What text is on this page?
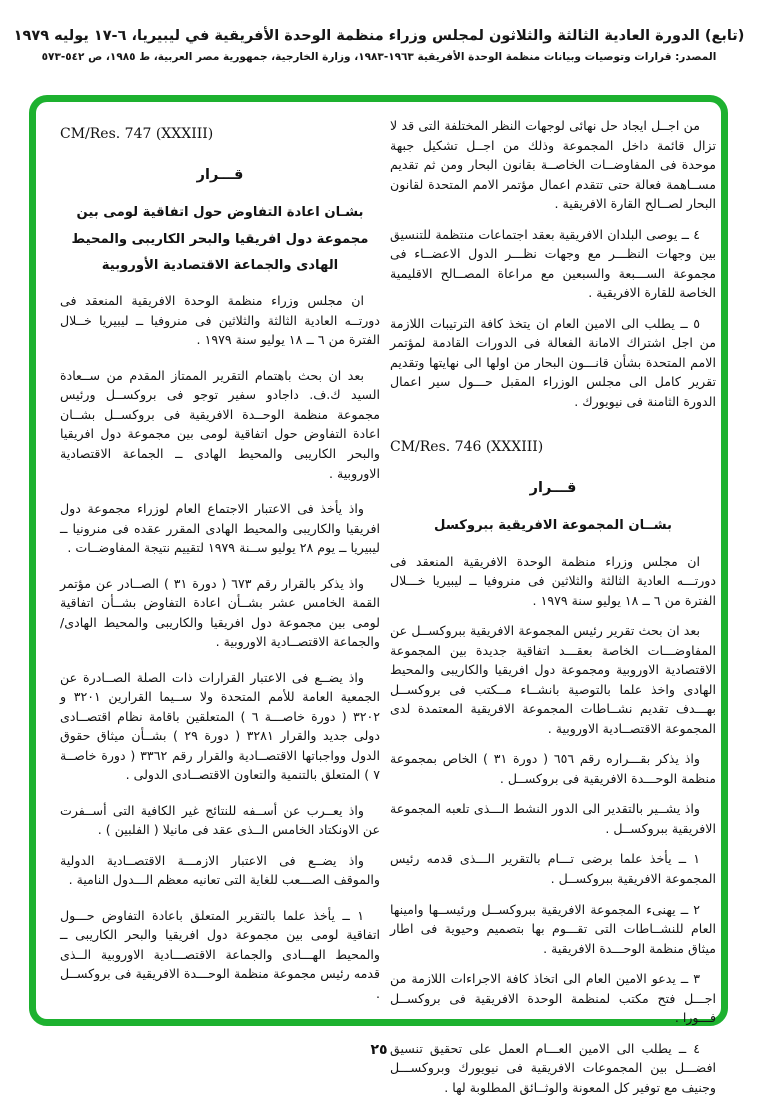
(تابع) الدورة العادية الثالثة والثلاثون لمجلس وزراء منظمة الوحدة الأفريقية في ليبيريا، ٦-١٧ يوليه ١٩٧٩
المصدر: قرارات وتوصيات وبيانات منظمة الوحدة الأفريقية ١٩٦٣-١٩٨٣، وزارة الخارجية، جمهورية مصر العربية، ط ١٩٨٥، ص ٥٤٢-٥٧٣
CM/Res. 747 (XXXIII)
قـــرار
بشـان اعادة التفاوض حول اتفاقية لومى بين
مجموعة دول افريقيا والبحر الكاريبى والمحيط
الهادى والجماعة الاقتصادية الأوروبية

ان مجلس وزراء منظمة الوحدة الافريقية المنعقد فى دورتــه العادية الثالثة والثلاثين فى منروفيا ــ ليبيريا خــلال الفترة من ٦ ــ ١٨ يوليو سنة ١٩٧٩ .

بعد ان بحث باهتمام التقرير الممتاز المقدم من ســعادة السيد ك.ف. داجادو سفير توجو فى بروكســل ورئيس مجموعة منظمة الوحــدة الافريقية فى بروكســل بشــان اعادة التفاوض حول اتفاقية لومى بين مجموعة دول افريقيا والبحر الكاريبى والمحيط الهادى ــ الجماعة الاقتصادية الاوروبية .

واذ يأخذ فى الاعتبار الاجتماع العام لوزراء مجموعة دول افريقيا والكاريبى والمحيط الهادى المقرر عقده فى منرونيا ــ ليبيريا ــ يوم ٢٨ يوليو ســنة ١٩٧٩ لتقييم نتيجة المفاوضــات .

واذ يذكر بالقرار رقم ٦٧٣ ( دورة ٣١ ) الصــادر عن مؤتمر القمة الخامس عشر بشــأن اعادة التفاوض بشــأن اتفاقية لومى بين مجموعة دول افريقيا والكاريبى والمحيط الهادى/والجماعة الاقتصــادية الاوروبية .

واذ يضــع فى الاعتبار القرارات ذات الصلة الصــادرة عن الجمعية العامة للأمم المتحدة ولا ســيما القرارين ٣٢٠١ و ٣٢٠٢ ( دورة خاصـــة ٦ ) المتعلقين باقامة نظام اقتصــادى دولى جديد والقرار ٣٢٨١ ( دورة ٢٩ ) بشــأن ميثاق حقوق الدول وواجباتها الاقتصــادية والقرار رقم ٣٣٦٢ ( دورة خاصــة ٧ ) المتعلق بالتنمية والتعاون الاقتصــادى الدولى .

واذ يعــرب عن أســفه للنتائج غير الكافية التى أســفرت عن الاونكتاد الخامس الــذى عقد فى مانيلا ( الفلبين ) .

واذ يضــع فى الاعتبار الازمـــة الاقتصــادية الدولية والموقف الصـــعب للغاية التى تعانيه معظم الـــدول النامية .

١ ــ يأخذ علما بالتقرير المتعلق باعادة التفاوض حـــول اتفاقية لومى بين مجموعة دول افريقيا والبحر الكاريبى ــ والمحيط الهـــادى والجماعة الاقتصـــادية الاوروبية الــذى قدمه رئيس مجموعة منظمة الوحـــدة الافريقية فى بروكســل .

من اجــل ايجاد حل نهائى لوجهات النظر المختلفة التى قد لا تزال قائمة داخل المجموعة وذلك من اجــل تشكيل جبهة موحدة فى المفاوضــات الخاصــة بقانون البحار ومن ثم تقديم مســاهمة فعالة حتى تتقدم اعمال مؤتمر الامم المتحدة لقانون البحار لصــالح القارة الافريقية .

٤ ــ يوصى البلدان الافريقية بعقد اجتماعات منتظمة للتنسيق بين وجهات النظـــر مع وجهات نظـــر الدول الاعضــاء فى مجموعة الســـبعة والسبعين مع مراعاة المصــالح الاقليمية الخاصة للقارة الافريقية .

٥ ــ يطلب الى الامين العام ان يتخذ كافة الترتيبات اللازمة من اجل اشتراك الامانة الفعالة فى الدورات القادمة لمؤتمر الامم المتحدة بشأن قانـــون البحار من اولها الى نهايتها وتقديم تقرير كامل الى مجلس الوزراء المقبل حـــول سير اعمال الدورة الثامنة فى نيويورك .

CM/Res. 746 (XXXIII)
قـــرار
بشــان المجموعة الافريقية ببروكسل

ان مجلس وزراء منظمة الوحدة الافريقية المنعقد فى دورتـــه العادية الثالثة والثلاثين فى منروفيا ــ ليبيريا خـــلال الفترة من ٦ ــ ١٨ يوليو سنة ١٩٧٩ .

بعد ان بحث تقرير رئيس المجموعة الافريقية ببروكســل عن المفاوضـــات الخاصة بعقـــد اتفاقية جديدة بين المجموعة الاقتصادية الاوروبية ومجموعة دول افريقيا والكاريبى والمحيط الهادى واخذ علما بالتوصية بانشــاء مــكتب فى بروكســل بهـــدف تقديم نشــاطات المجموعة الافريقية المعتمدة لدى المجموعة الاقتصــادية الاوروبية .

واذ يذكر بقـــراره رقم ٦٥٦ ( دورة ٣١ ) الخاص بمجموعة منظمة الوحـــدة الافريقية فى بروكســل .

واذ يشــير بالتقدير الى الدور النشط الـــذى تلعبه المجموعة الافريقية ببروكســل .

١ ــ يأخذ علما برضى تـــام بالتقرير الـــذى قدمه رئيس المجموعة الافريقية ببروكســل .

٢ ــ يهنىء المجموعة الافريقية ببروكســل ورئيســها وامينها العام للنشــاطات التى تقـــوم بها بتصميم وحيوية فى اطار ميثاق منظمة الوحـــدة الافريقية .

٣ ــ يدعو الامين العام الى اتخاذ كافة الاجراءات اللازمة من اجـــل فتح مكتب لمنظمة الوحدة الافريقية فى بروكســل فـــورا .

٤ ــ يطلب الى الامين العـــام العمل على تحقيق تنسيق افضـــل بين المجموعات الافريقية فى نيويورك وبروكســـل وجنيف مع توفير كل المعونة والوثــائق المطلوبة لها .

٢٥
